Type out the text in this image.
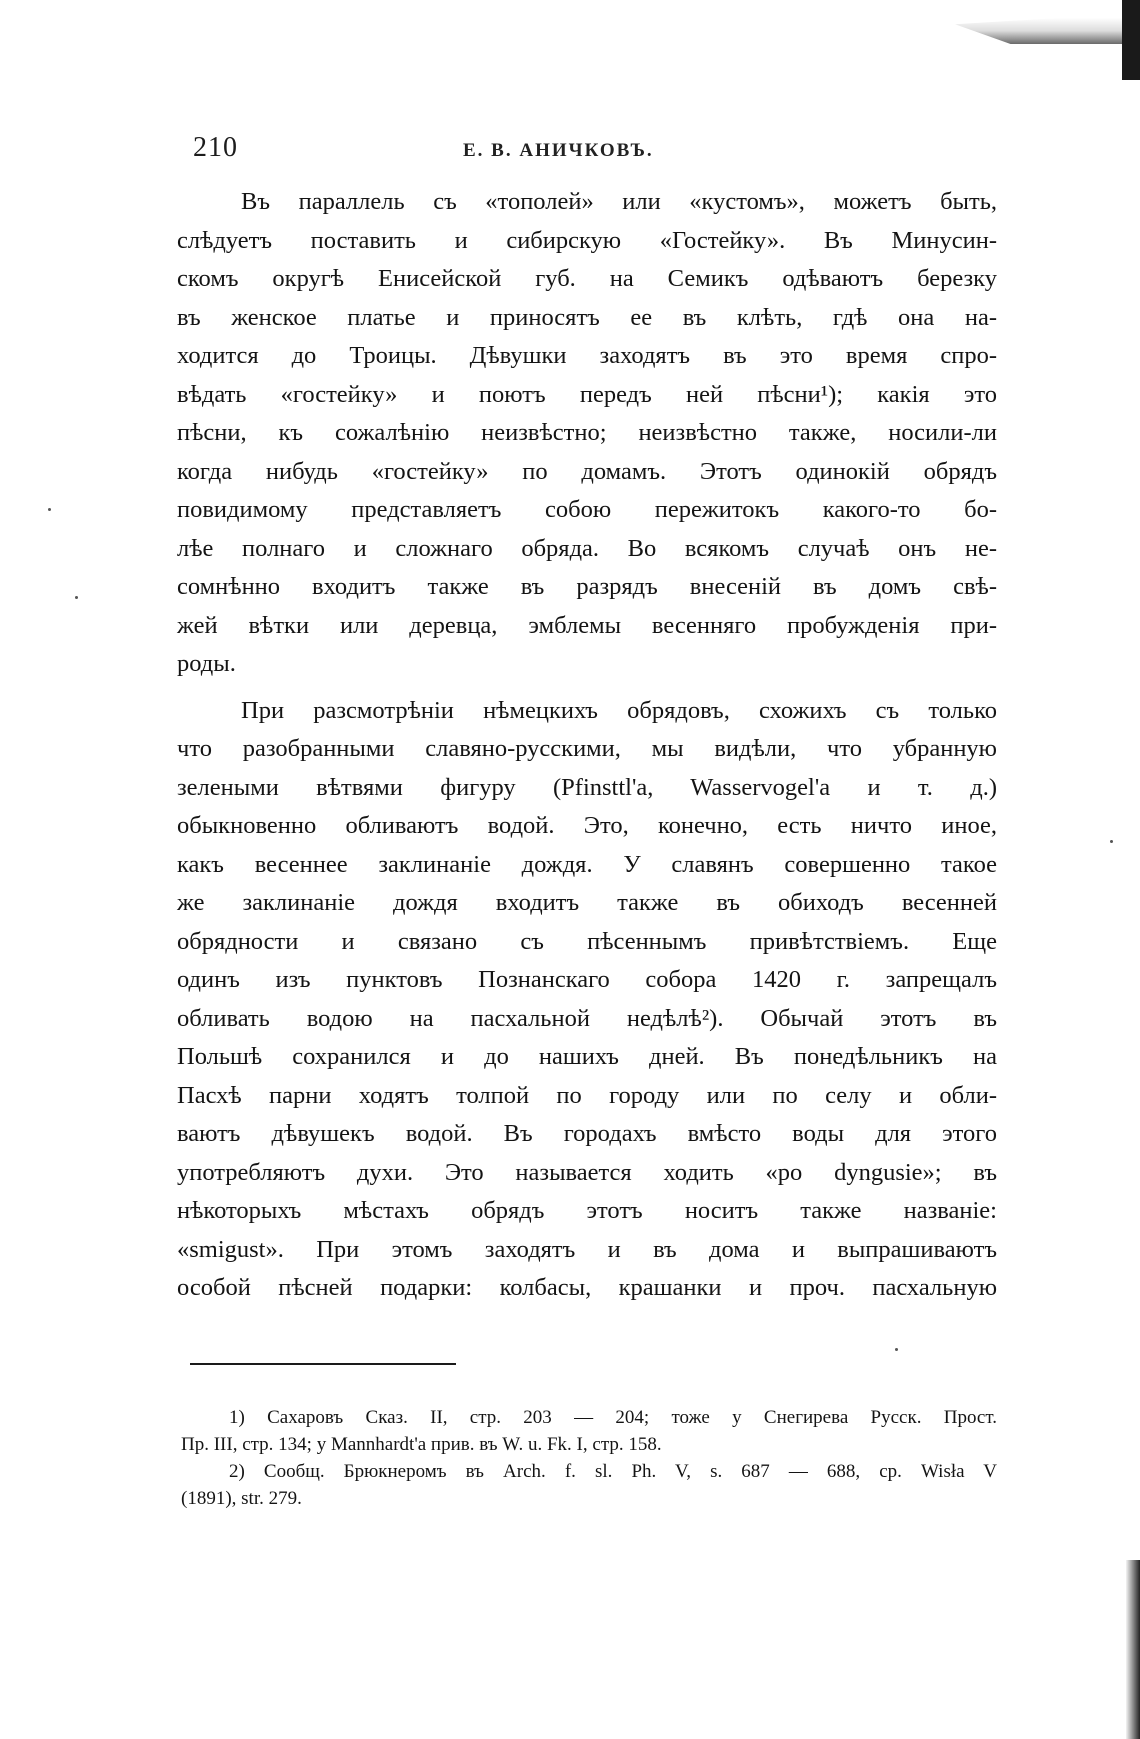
210	Е. В. АНИЧКОВЪ.
Въ параллель съ «тополей» или «кустомъ», можетъ быть,
слѣдуетъ поставить и сибирскую «Гостейку». Въ Минусин-
скомъ округѣ Енисейской губ. на Семикъ одѣваютъ березку
въ женское платье и приносятъ ее въ клѣть, гдѣ она на-
ходится до Троицы. Дѣвушки заходятъ въ это время спро-
вѣдать «гостейку» и поютъ передъ ней пѣсни¹); какія это
пѣсни, къ сожалѣнію неизвѣстно; неизвѣстно также, носили-ли
когда нибудь «гостейку» по домамъ. Этотъ одинокій обрядъ
повидимому представляетъ собою пережитокъ какого-то бо-
лѣе полнаго и сложнаго обряда. Во всякомъ случаѣ онъ не-
сомнѣнно входитъ также въ разрядъ внесеній въ домъ свѣ-
жей вѣтки или деревца, эмблемы весенняго пробужденія при-
роды.
При разсмотрѣніи нѣмецкихъ обрядовъ, схожихъ съ только
что разобранными славяно-русскими, мы видѣли, что убранную
зелеными вѣтвями фигуру (Pfinsttl'a, Wasservogel'a и т. д.)
обыкновенно обливаютъ водой. Это, конечно, есть ничто иное,
какъ весеннее заклинаніе дождя. У славянъ совершенно такое
же заклинаніе дождя входитъ также въ обиходъ весенней
обрядности и связано съ пѣсеннымъ привѣтствіемъ. Еще
одинъ изъ пунктовъ Познанскаго собора 1420 г. запрещалъ
обливать водою на пасхальной недѣлѣ²). Обычай этотъ въ
Польшѣ сохранился и до нашихъ дней. Въ понедѣльникъ на
Пасхѣ парни ходятъ толпой по городу или по селу и обли-
ваютъ дѣвушекъ водой. Въ городахъ вмѣсто воды для этого
употребляютъ духи. Это называется ходить «po dyngusie»; въ
нѣкоторыхъ мѣстахъ обрядъ этотъ носитъ также названіе:
«smigust». При этомъ заходятъ и въ дома и выпрашиваютъ
особой пѣсней подарки: колбасы, крашанки и проч. пасхальную
1) Сахаровъ Сказ. II, стр. 203 — 204; тоже у Снегирева Русск. Прост.
Пр. III, стр. 134; у Mannhardt'a прив. въ W. u. Fk. I, стр. 158.
2) Сообщ. Брюкнеромъ въ Arch. f. sl. Ph. V, s. 687 — 688, ср. Wisła V
(1891), str. 279.
